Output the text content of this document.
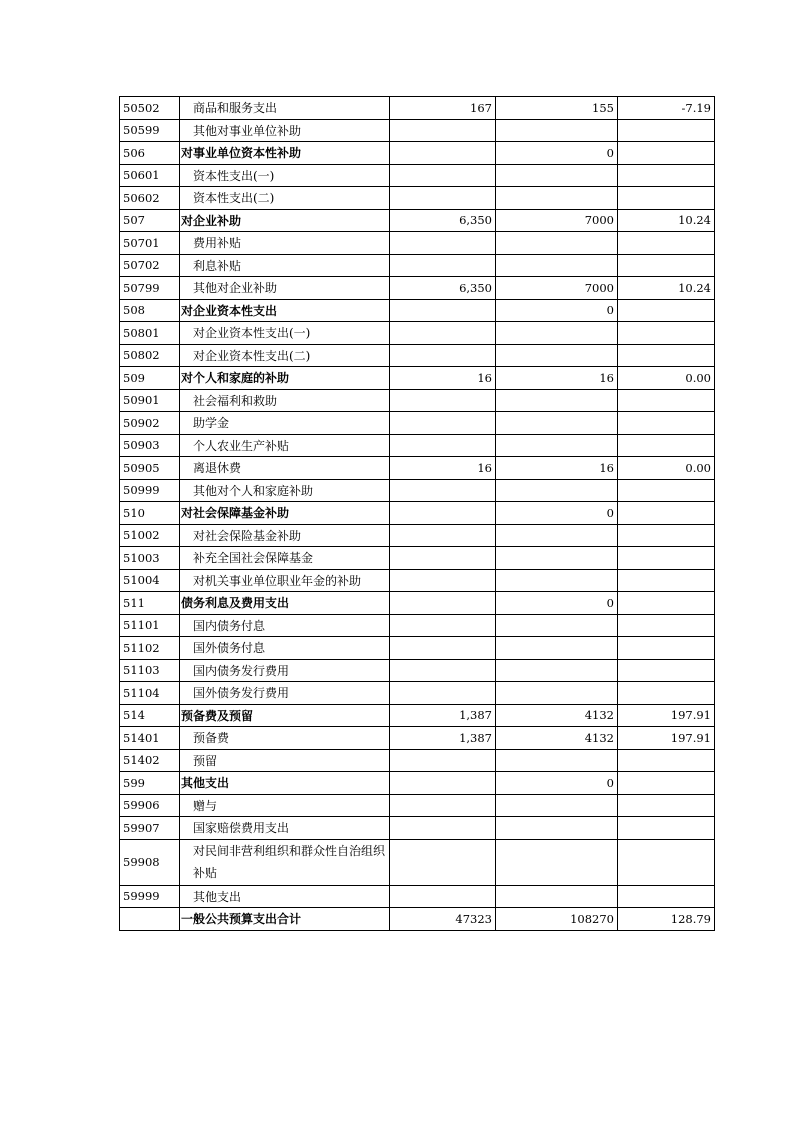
50502	商品和服务支出	167	155	-7.19
50599	其他对事业单位补助			
506	对事业单位资本性补助		0	
50601	资本性支出(一)			
50602	资本性支出(二)			
507	对企业补助	6,350	7000	10.24
50701	费用补贴			
50702	利息补贴			
50799	其他对企业补助	6,350	7000	10.24
508	对企业资本性支出		0	
50801	对企业资本性支出(一)			
50802	对企业资本性支出(二)			
509	对个人和家庭的补助	16	16	0.00
50901	社会福利和救助			
50902	助学金			
50903	个人农业生产补贴			
50905	离退休费	16	16	0.00
50999	其他对个人和家庭补助			
510	对社会保障基金补助		0	
51002	对社会保险基金补助			
51003	补充全国社会保障基金			
51004	对机关事业单位职业年金的补助			
511	债务利息及费用支出		0	
51101	国内债务付息			
51102	国外债务付息			
51103	国内债务发行费用			
51104	国外债务发行费用			
514	预备费及预留	1,387	4132	197.91
51401	预备费	1,387	4132	197.91
51402	预留			
599	其他支出		0	
59906	赠与			
59907	国家赔偿费用支出			
59908	对民间非营利组织和群众性自治组织补贴			
59999	其他支出			
	一般公共预算支出合计	47323	108270	128.79
